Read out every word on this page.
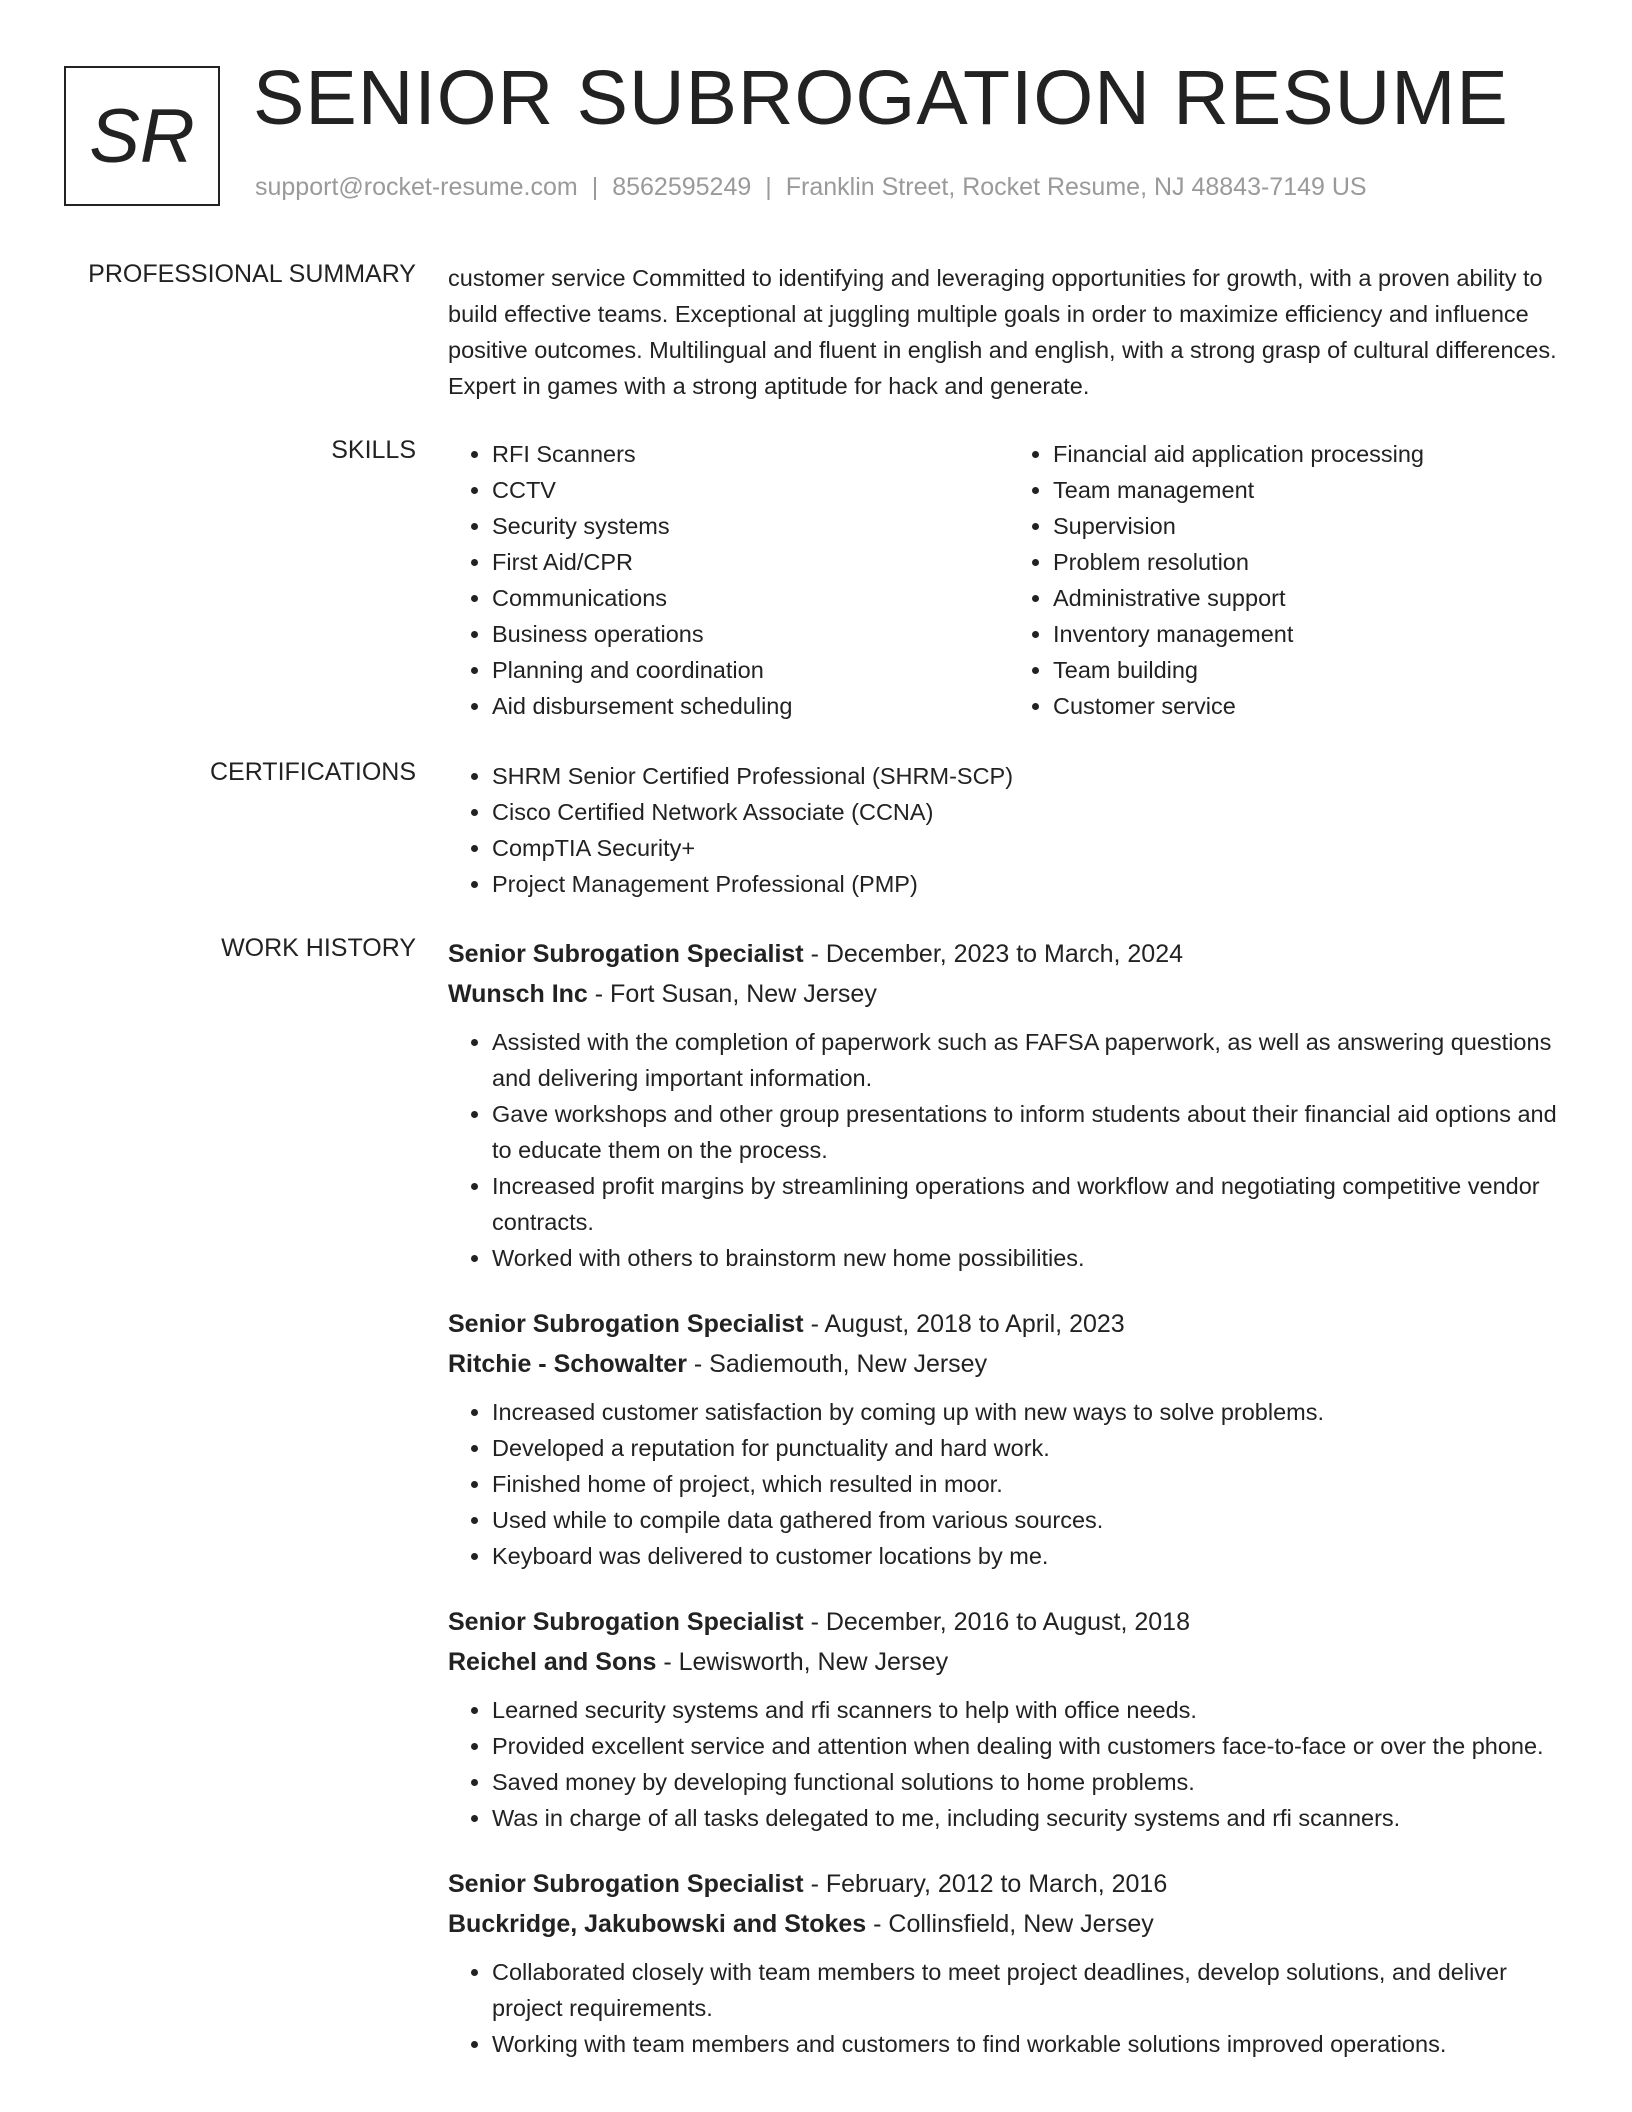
SR SENIOR SUBROGATION RESUME
support@rocket-resume.com | 8562595249 | Franklin Street, Rocket Resume, NJ 48843-7149 US
PROFESSIONAL SUMMARY customer service Committed to identifying and leveraging opportunities for growth, with a proven ability to build effective teams. Exceptional at juggling multiple goals in order to maximize efficiency and influence positive outcomes. Multilingual and fluent in english and english, with a strong grasp of cultural differences. Expert in games with a strong aptitude for hack and generate.

SKILLS	• RFI Scanners
• CCTV
• Security systems
• First Aid/CPR
• Communications
• Business operations
• Planning and coordination
• Aid disbursement scheduling
• Financial aid application processing
• Team management
• Supervision
• Problem resolution
• Administrative support
• Inventory management
• Team building
• Customer service
CERTIFICATIONS	• SHRM Senior Certified Professional (SHRM-SCP)
• Cisco Certified Network Associate (CCNA)
• CompTIA Security+
• Project Management Professional (PMP)
WORK HISTORY Senior Subrogation Specialist - December, 2023 to March, 2024
Wunsch Inc - Fort Susan, New Jersey
• Assisted with the completion of paperwork such as FAFSA paperwork, as well as answering questions and delivering important information.
• Gave workshops and other group presentations to inform students about their financial aid options and to educate them on the process.
• Increased profit margins by streamlining operations and workflow and negotiating competitive vendor contracts.
• Worked with others to brainstorm new home possibilities.
Senior Subrogation Specialist - August, 2018 to April, 2023
Ritchie - Schowalter - Sadiemouth, New Jersey
• Increased customer satisfaction by coming up with new ways to solve problems.
• Developed a reputation for punctuality and hard work.
• Finished home of project, which resulted in moor.
• Used while to compile data gathered from various sources.
• Keyboard was delivered to customer locations by me.
Senior Subrogation Specialist - December, 2016 to August, 2018
Reichel and Sons - Lewisworth, New Jersey
• Learned security systems and rfi scanners to help with office needs.
• Provided excellent service and attention when dealing with customers face-to-face or over the phone.
• Saved money by developing functional solutions to home problems.
• Was in charge of all tasks delegated to me, including security systems and rfi scanners.
Senior Subrogation Specialist - February, 2012 to March, 2016
Buckridge, Jakubowski and Stokes - Collinsfield, New Jersey
• Collaborated closely with team members to meet project deadlines, develop solutions, and deliver project requirements.
• Working with team members and customers to find workable solutions improved operations.
